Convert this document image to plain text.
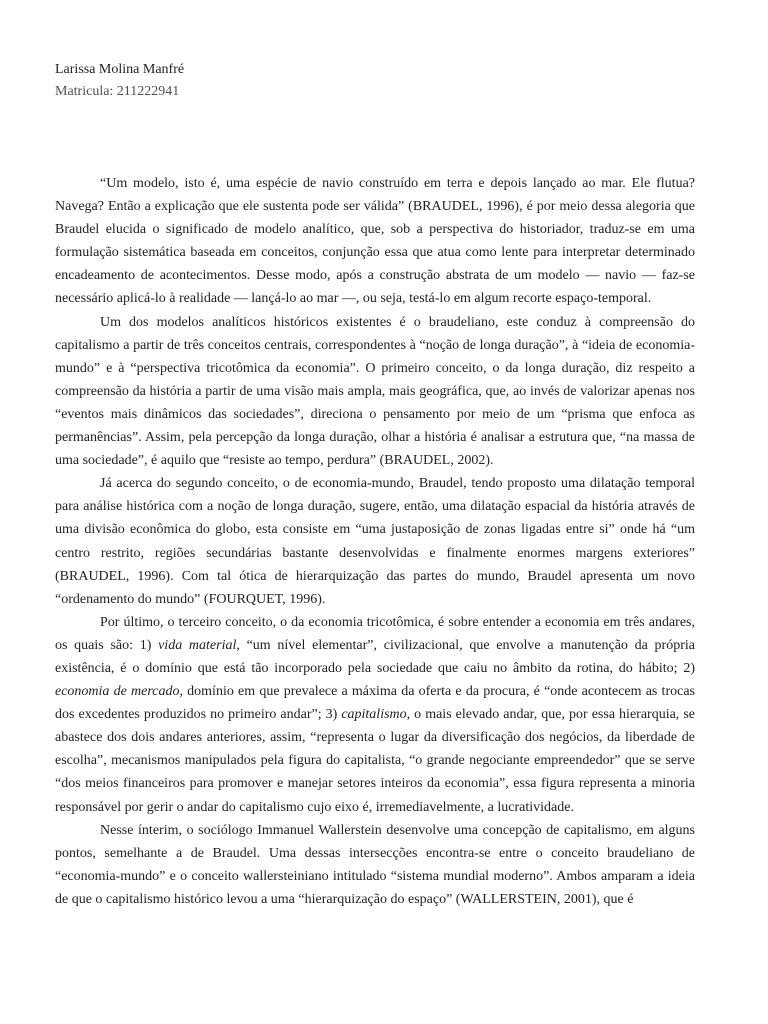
Larissa Molina Manfré
Matricula: 211222941

“Um modelo, isto é, uma espécie de navio construído em terra e depois lançado ao mar. Ele flutua? Navega? Então a explicação que ele sustenta pode ser válida” (BRAUDEL, 1996), é por meio dessa alegoria que Braudel elucida o significado de modelo analítico, que, sob a perspectiva do historiador, traduz-se em uma formulação sistemática baseada em conceitos, conjunção essa que atua como lente para interpretar determinado encadeamento de acontecimentos. Desse modo, após a construção abstrata de um modelo — navio — faz-se necessário aplicá-lo à realidade — lançá-lo ao mar —, ou seja, testá-lo em algum recorte espaço-temporal.

Um dos modelos analíticos históricos existentes é o braudeliano, este conduz à compreensão do capitalismo a partir de três conceitos centrais, correspondentes à “noção de longa duração”, à “ideia de economia-mundo” e à “perspectiva tricotômica da economia”. O primeiro conceito, o da longa duração, diz respeito a compreensão da história a partir de uma visão mais ampla, mais geográfica, que, ao invés de valorizar apenas nos “eventos mais dinâmicos das sociedades”, direciona o pensamento por meio de um “prisma que enfoca as permanências”. Assim, pela percepção da longa duração, olhar a história é analisar a estrutura que, “na massa de uma sociedade”, é aquilo que “resiste ao tempo, perdura” (BRAUDEL, 2002).

Já acerca do segundo conceito, o de economia-mundo, Braudel, tendo proposto uma dilatação temporal para análise histórica com a noção de longa duração, sugere, então, uma dilatação espacial da história através de uma divisão econômica do globo, esta consiste em “uma justaposição de zonas ligadas entre si” onde há “um centro restrito, regiões secundárias bastante desenvolvidas e finalmente enormes margens exteriores” (BRAUDEL, 1996). Com tal ótica de hierarquização das partes do mundo, Braudel apresenta um novo “ordenamento do mundo” (FOURQUET, 1996).

Por último, o terceiro conceito, o da economia tricotômica, é sobre entender a economia em três andares, os quais são: 1) vida material, “um nível elementar”, civilizacional, que envolve a manutenção da própria existência, é o domínio que está tão incorporado pela sociedade que caiu no âmbito da rotina, do hábito; 2) economia de mercado, domínio em que prevalece a máxima da oferta e da procura, é “onde acontecem as trocas dos excedentes produzidos no primeiro andar”; 3) capitalismo, o mais elevado andar, que, por essa hierarquia, se abastece dos dois andares anteriores, assim, “representa o lugar da diversificação dos negócios, da liberdade de escolha”, mecanismos manipulados pela figura do capitalista, “o grande negociante empreendedor” que se serve “dos meios financeiros para promover e manejar setores inteiros da economia”, essa figura representa a minoria responsável por gerir o andar do capitalismo cujo eixo é, irremediavelmente, a lucratividade.

Nesse ínterim, o sociólogo Immanuel Wallerstein desenvolve uma concepção de capitalismo, em alguns pontos, semelhante a de Braudel. Uma dessas intersecções encontra-se entre o conceito braudeliano de “economia-mundo” e o conceito wallersteiniano intitulado “sistema mundial moderno”. Ambos amparam a ideia de que o capitalismo histórico levou a uma “hierarquização do espaço” (WALLERSTEIN, 2001), que é
